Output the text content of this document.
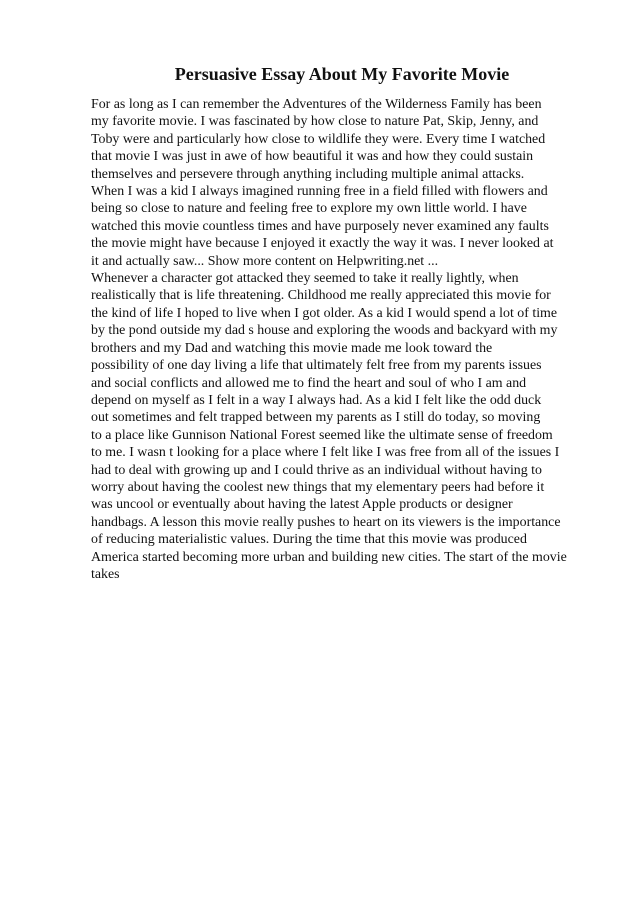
Persuasive Essay About My Favorite Movie
For as long as I can remember the Adventures of the Wilderness Family has been
my favorite movie. I was fascinated by how close to nature Pat, Skip, Jenny, and
Toby were and particularly how close to wildlife they were. Every time I watched
that movie I was just in awe of how beautiful it was and how they could sustain
themselves and persevere through anything including multiple animal attacks.
When I was a kid I always imagined running free in a field filled with flowers and
being so close to nature and feeling free to explore my own little world. I have
watched this movie countless times and have purposely never examined any faults
the movie might have because I enjoyed it exactly the way it was. I never looked at
it and actually saw... Show more content on Helpwriting.net ...
Whenever a character got attacked they seemed to take it really lightly, when
realistically that is life threatening. Childhood me really appreciated this movie for
the kind of life I hoped to live when I got older. As a kid I would spend a lot of time
by the pond outside my dad s house and exploring the woods and backyard with my
brothers and my Dad and watching this movie made me look toward the
possibility of one day living a life that ultimately felt free from my parents issues
and social conflicts and allowed me to find the heart and soul of who I am and
depend on myself as I felt in a way I always had. As a kid I felt like the odd duck
out sometimes and felt trapped between my parents as I still do today, so moving
to a place like Gunnison National Forest seemed like the ultimate sense of freedom
to me. I wasn t looking for a place where I felt like I was free from all of the issues I
had to deal with growing up and I could thrive as an individual without having to
worry about having the coolest new things that my elementary peers had before it
was uncool or eventually about having the latest Apple products or designer
handbags. A lesson this movie really pushes to heart on its viewers is the importance
of reducing materialistic values. During the time that this movie was produced
America started becoming more urban and building new cities. The start of the movie
takes
